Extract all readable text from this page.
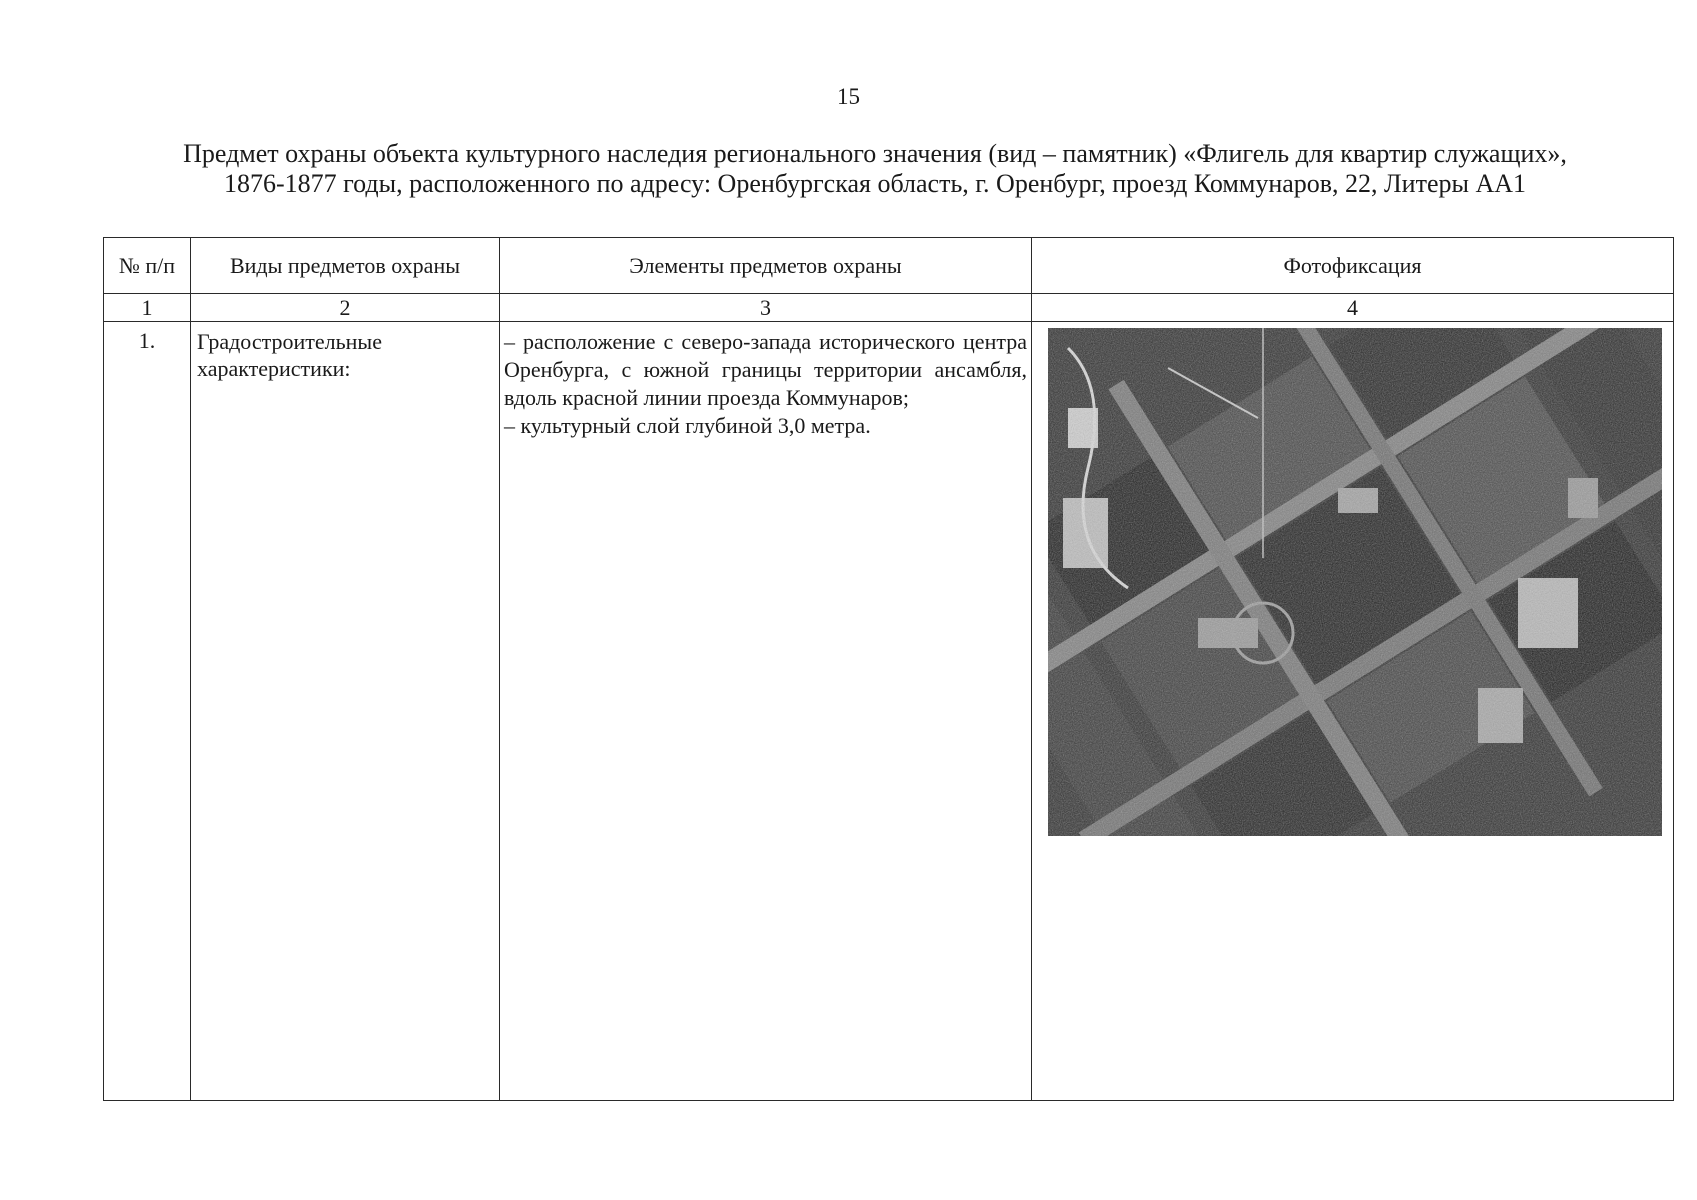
15
Предмет охраны объекта культурного наследия регионального значения (вид – памятник) «Флигель для квартир служащих»,
1876-1877 годы, расположенного по адресу: Оренбургская область, г. Оренбург, проезд Коммунаров, 22, Литеры АА1
№ п/п	Виды предметов охраны	Элементы предметов охраны	Фотофиксация
1	2	3	4
1.	Градостроительные характеристики:	– расположение с северо-запада исторического центра Оренбурга, с южной границы территории ансамбля, вдоль красной линии проезда Коммунаров;

– культурный слой глубиной 3,0 метра.
